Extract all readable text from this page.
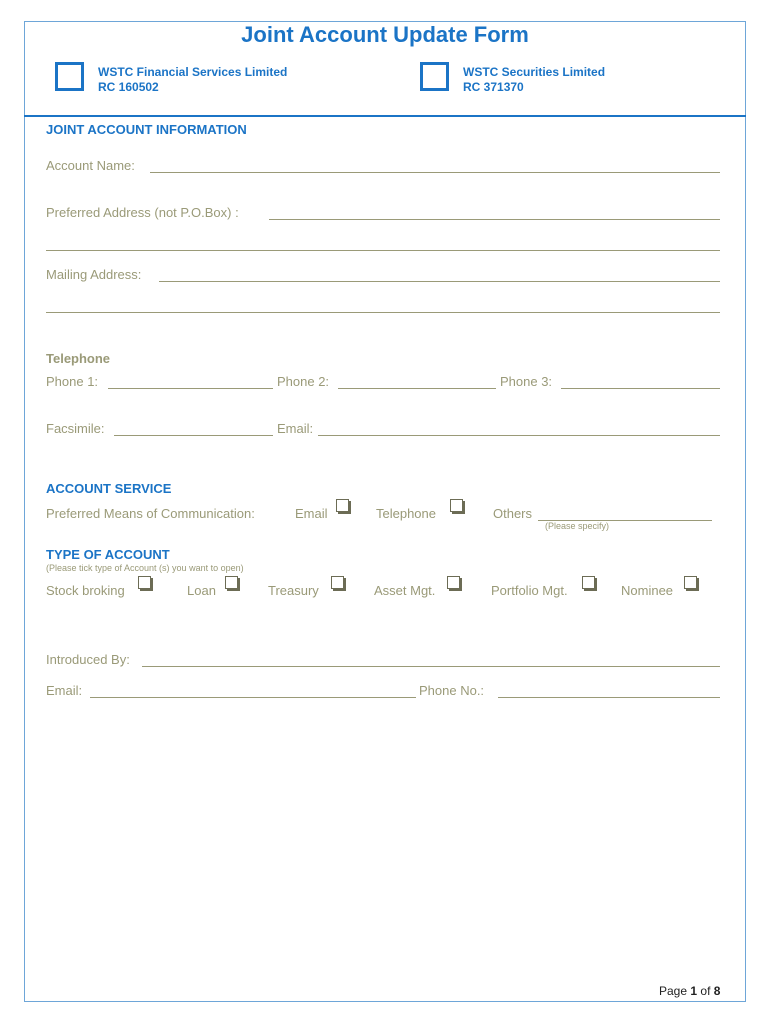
Joint Account Update Form
WSTC Financial Services Limited
RC 160502
WSTC Securities Limited
RC 371370
JOINT ACCOUNT INFORMATION
Account Name:
Preferred Address (not P.O.Box) :
Mailing Address:
Telephone
Phone 1:	Phone 2:	Phone 3:
Facsimile:	Email:
ACCOUNT SERVICE
Preferred Means of Communication:	Email	Telephone	Others
(Please specify)
TYPE OF ACCOUNT
(Please tick type of Account (s) you want to open)
Stock broking	Loan	Treasury	Asset Mgt.	Portfolio Mgt.	Nominee
Introduced By:
Email:	Phone No.:
Page 1 of 8
